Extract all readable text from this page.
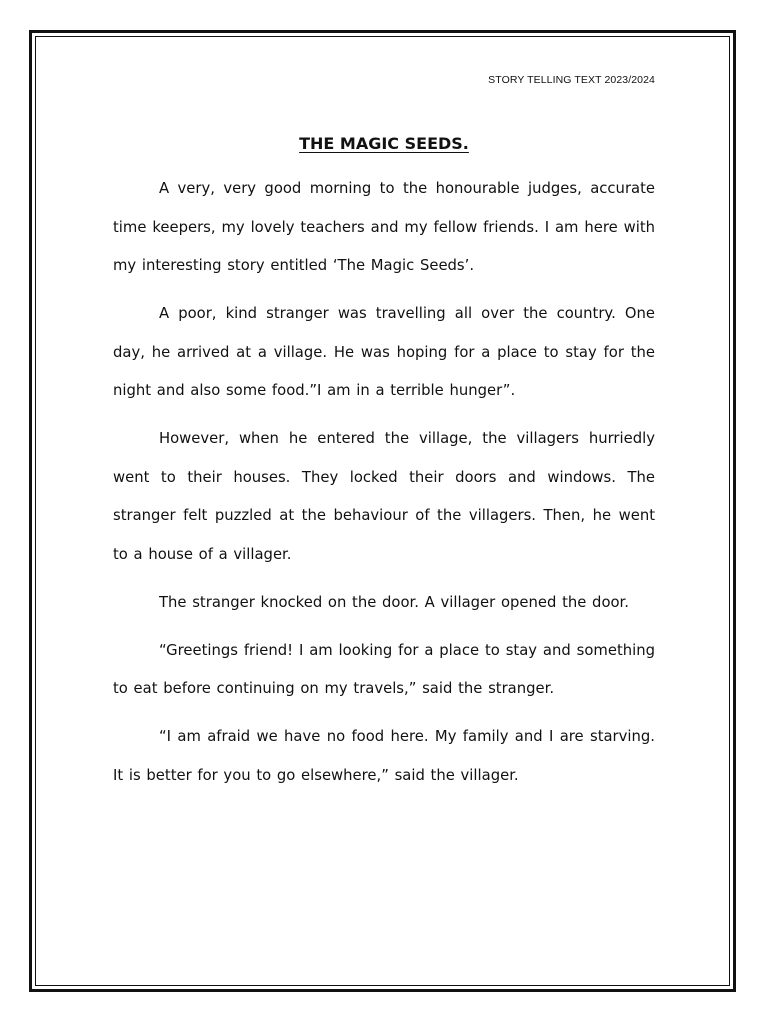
STORY TELLING TEXT 2023/2024
THE MAGIC SEEDS.

A very, very good morning to the honourable judges, accurate time keepers, my lovely teachers and my fellow friends. I am here with my interesting story entitled ‘The Magic Seeds’.

A poor, kind stranger was travelling all over the country. One day, he arrived at a village. He was hoping for a place to stay for the night and also some food.”I am in a terrible hunger”.

However, when he entered the village, the villagers hurriedly went to their houses. They locked their doors and windows. The stranger felt puzzled at the behaviour of the villagers. Then, he went to a house of a villager.

The stranger knocked on the door. A villager opened the door.

“Greetings friend! I am looking for a place to stay and something to eat before continuing on my travels,” said the stranger.

“I am afraid we have no food here. My family and I are starving. It is better for you to go elsewhere,” said the villager.
